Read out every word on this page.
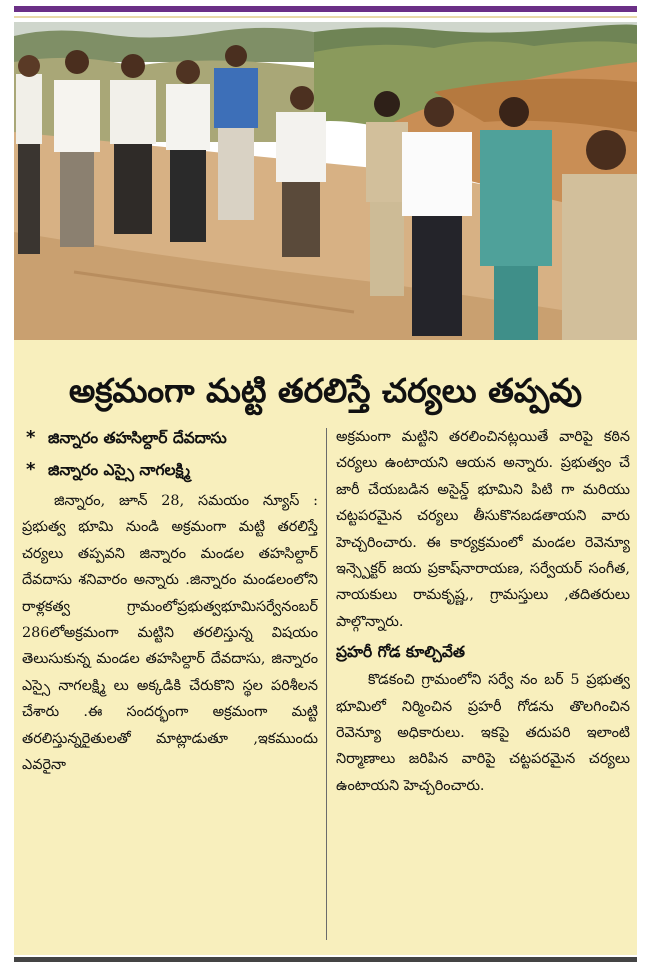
అక్రమంగా మట్టి తరలిస్తే చర్యలు తప్పవు
* జిన్నారం తహసిల్దార్ దేవదాసు
* జిన్నారం ఎస్సై నాగలక్ష్మి

జిన్నారం, జూన్ 28, సమయం న్యూస్ : ప్రభుత్వ భూమి నుండి అక్రమంగా మట్టి తరలిస్తే చర్యలు తప్పవని జిన్నారం మండల తహసిల్దార్ దేవదాసు శనివారం అన్నారు .జిన్నారం మండలంలోని రాళ్లకత్వ గ్రామంలోప్రభుత్వభూమిసర్వేనంబర్ 286లోఅక్రమంగా మట్టిని తరలిస్తున్న విషయం తెలుసుకున్న మండల తహసిల్దార్ దేవదాసు, జిన్నారం ఎస్సై నాగలక్ష్మి లు అక్కడికి చేరుకొని స్థల పరిశీలన చేశారు .ఈ సందర్భంగా అక్రమంగా మట్టి తరలిస్తున్నరైతులతో మాట్లాడుతూ ,ఇకముందు ఎవరైనా

అక్రమంగా మట్టిని తరలించినట్లయితే వారిపై కఠిన చర్యలు ఉంటాయని ఆయన అన్నారు. ప్రభుత్వం చే జారీ చేయబడిన అసైన్డ్ భూమిని పిటి గా మరియు చట్టపరమైన చర్యలు తీసుకొనబడతాయని వారు హెచ్చరించారు. ఈ కార్యక్రమంలో మండల రెవెన్యూ ఇన్స్పెక్టర్ జయ ప్రకాష్‌నారాయణ, సర్వేయర్ సంగీత, నాయకులు రామకృష్ణ,, గ్రామస్తులు ,తదితరులు పాల్గొన్నారు.

ప్రహరీ గోడ కూల్చివేత

కొడకంచి గ్రామంలోని సర్వే నం బర్ 5 ప్రభుత్వ భూమిలో నిర్మించిన ప్రహరీ గోడను తొలగించిన రెవెన్యూ అధికారులు. ఇకపై తదుపరి ఇలాంటి నిర్మాణాలు జరిపిన వారిపై చట్టపరమైన చర్యలు ఉంటాయని హెచ్చరించారు.
